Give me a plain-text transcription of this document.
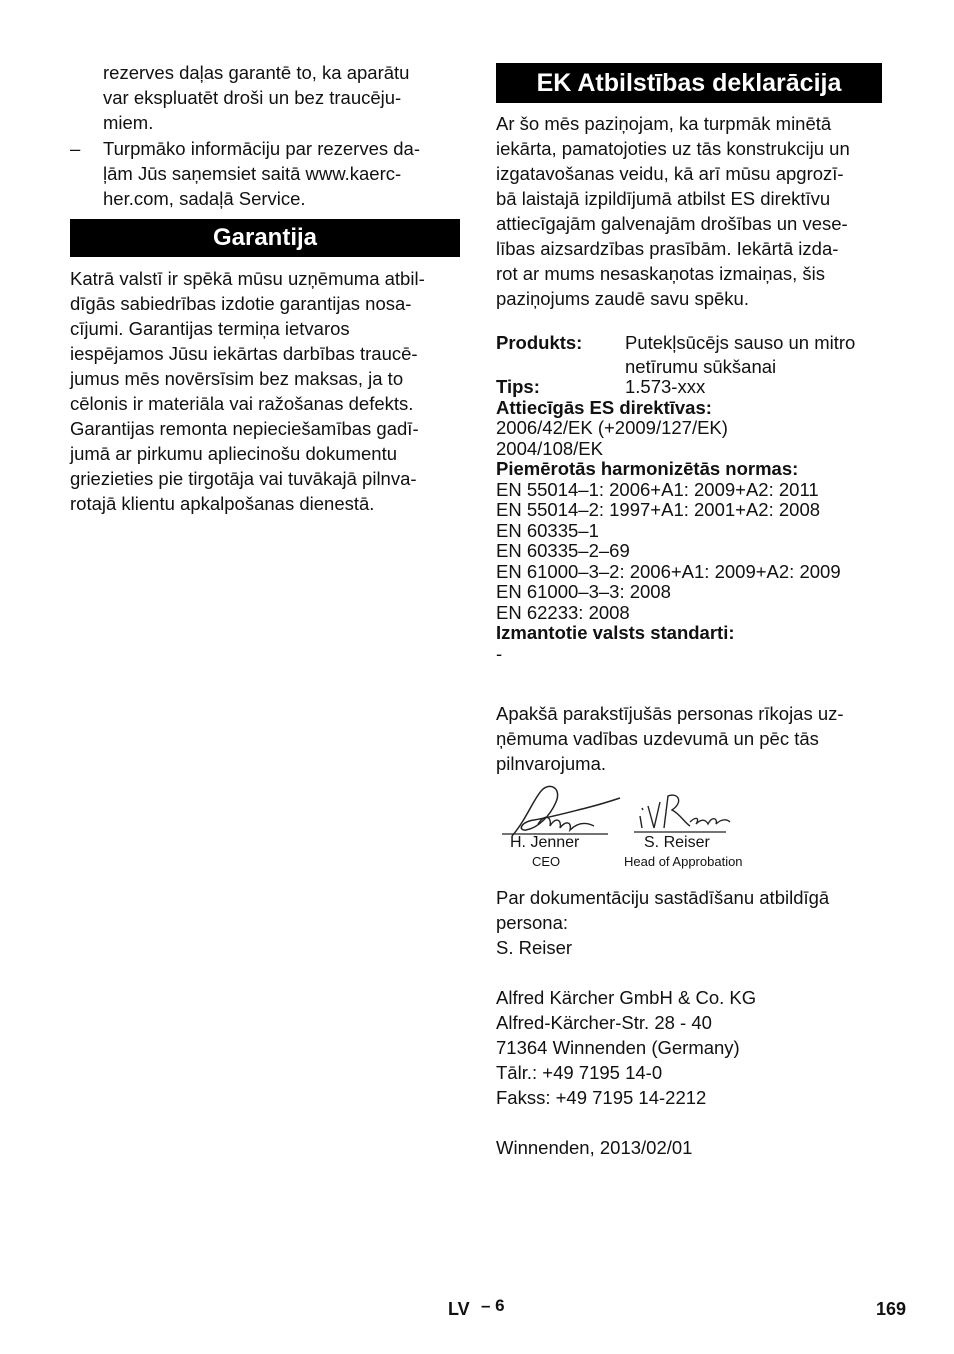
rezerves daļas garantē to, ka aparātu

var ekspluatēt droši un bez traucēju-

miem.

– Turpmāko informāciju par rezerves da-

ļām Jūs saņemsiet saitā www.kaerc-

her.com, sadaļā Service.

Garantija

Katrā valstī ir spēkā mūsu uzņēmuma atbil-

dīgās sabiedrības izdotie garantijas nosa-

cījumi. Garantijas termiņa ietvaros

iespējamos Jūsu iekārtas darbības traucē-

jumus mēs novērsīsim bez maksas, ja to

cēlonis ir materiāla vai ražošanas defekts.

Garantijas remonta nepieciešamības gadī-

jumā ar pirkumu apliecinošu dokumentu

griezieties pie tirgotāja vai tuvākajā pilnva-

rotajā klientu apkalpošanas dienestā.

EK Atbilstības deklarācija

Ar šo mēs paziņojam, ka turpmāk minētā

iekārta, pamatojoties uz tās konstrukciju un

izgatavošanas veidu, kā arī mūsu apgrozī-

bā laistajā izpildījumā atbilst ES direktīvu

attiecīgajām galvenajām drošības un vese-

lības aizsardzības prasībām. Iekārtā izda-

rot ar mums nesaskaņotas izmaiņas, šis

paziņojums zaudē savu spēku.

Produkts: Putekļsūcējs sauso un mitro
netīrumu sūkšanai
Tips:	1.573-xxx

Attiecīgās ES direktīvas:

2006/42/EK (+2009/127/EK)

2004/108/EK

Piemērotās harmonizētās normas:

EN 55014–1: 2006+A1: 2009+A2: 2011

EN 55014–2: 1997+A1: 2001+A2: 2008

EN 60335–1

EN 60335–2–69

EN 61000–3–2: 2006+A1: 2009+A2: 2009

EN 61000–3–3: 2008

EN 62233: 2008

Izmantotie valsts standarti:

-

Apakšā parakstījušās personas rīkojas uz-

ņēmuma vadības uzdevumā un pēc tās

pilnvarojuma.

H. Jenner
CEO
S. Reiser
Head of Approbation

Par dokumentāciju sastādīšanu atbildīgā

persona:

S. Reiser

Alfred Kärcher GmbH & Co. KG

Alfred-Kärcher-Str. 28 - 40

71364 Winnenden (Germany)

Tālr.: +49 7195 14-0

Fakss: +49 7195 14-2212

Winnenden, 2013/02/01

LV – 6	169
